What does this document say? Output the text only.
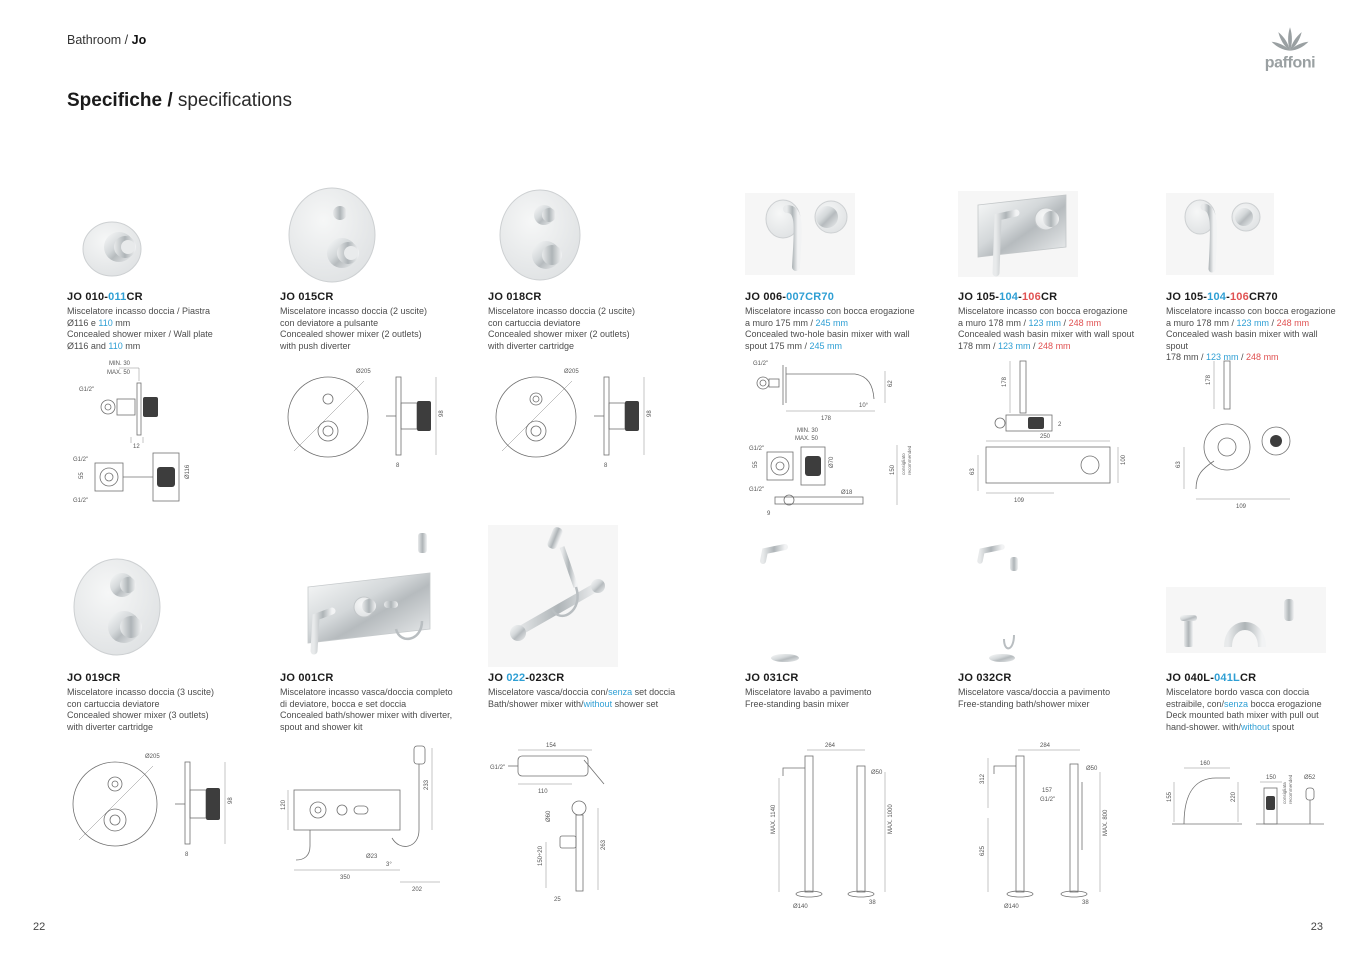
Bathroom / Jo
paffoni
Specifiche / specifications
JO 010-011CR
Miscelatore incasso doccia / Piastra
Ø116 e 110 mm
Concealed shower mixer / Wall plate
Ø116 and 110 mm
MIN. 30
MAX. 50
G1/2"
12
G1/2"
55
G1/2"
Ø116
JO 015CR
Miscelatore incasso doccia (2 uscite)
con deviatore a pulsante
Concealed shower mixer (2 outlets)
with push diverter
Ø205
98
8
JO 018CR
Miscelatore incasso doccia (2 uscite)
con cartuccia deviatore
Concealed shower mixer (2 outlets)
with diverter cartridge
Ø205
98
8
JO 006-007CR70
Miscelatore incasso con bocca erogazione
a muro 175 mm / 245 mm
Concealed two-hole basin mixer with wall
spout 175 mm / 245 mm
G1/2"
62
178
10°
MIN. 30
MAX. 50
G1/2"
55	Ø70
G1/2"	Ø18
150 consigliato recommended
9
JO 105-104-106CR
Miscelatore incasso con bocca erogazione
a muro 178 mm / 123 mm / 248 mm
Concealed wash basin mixer with wall spout
178 mm / 123 mm / 248 mm
178
2
250
100
63
109
JO 105-104-106CR70
Miscelatore incasso con bocca erogazione
a muro 178 mm / 123 mm / 248 mm
Concealed wash basin mixer with wall spout
178 mm / 123 mm / 248 mm
178
63
109
JO 019CR
Miscelatore incasso doccia (3 uscite)
con cartuccia deviatore
Concealed shower mixer (3 outlets)
with diverter cartridge
Ø205
98
8
JO 001CR
Miscelatore incasso vasca/doccia completo
di deviatore, bocca e set doccia
Concealed bath/shower mixer with diverter,
spout and shower kit
233
120
350
Ø23
3°
202
JO 022-023CR
Miscelatore vasca/doccia con/senza set doccia
Bath/shower mixer with/without shower set
154
G1/2"
110
Ø60
150÷20
25
263
JO 031CR
Miscelatore lavabo a pavimento
Free-standing basin mixer
264
Ø50
MAX. 1140	MAX. 1000
Ø140
38
JO 032CR
Miscelatore vasca/doccia a pavimento
Free-standing bath/shower mixer
284
312
157
G1/2"
Ø50
625
MAX. 800
Ø140
38
JO 040L-041LCR
Miscelatore bordo vasca con doccia
estraibile, con/senza bocca erogazione
Deck mounted bath mixer with pull out
hand-shower. with/without spout
160
155	220
150
consigliata recommended Ø52
22	23
